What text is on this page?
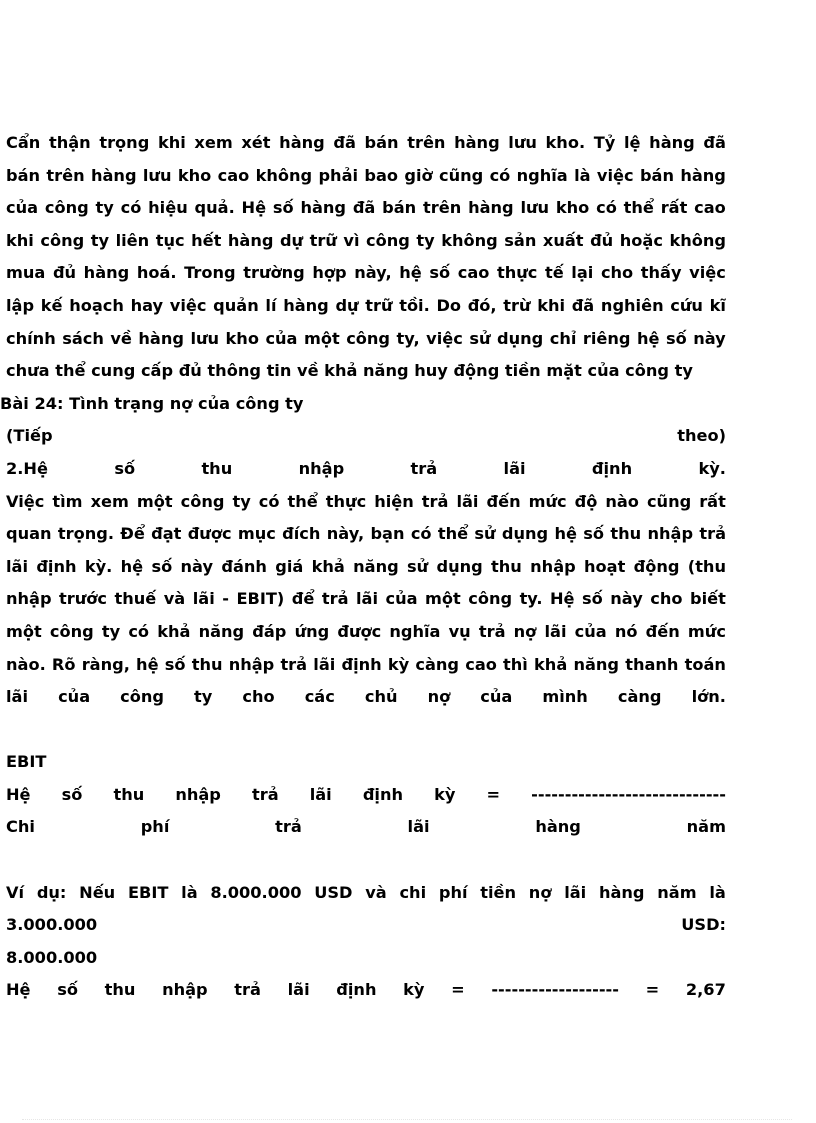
Cẩn thận trọng khi xem xét hàng đã bán trên hàng lưu kho. Tỷ lệ hàng đã
bán trên hàng lưu kho cao không phải bao giờ cũng có nghĩa là việc bán hàng
của công ty có hiệu quả. Hệ số hàng đã bán trên hàng lưu kho có thể rất cao
khi công ty liên tục hết hàng dự trữ vì công ty không sản xuất đủ hoặc không
mua đủ hàng hoá. Trong trường hợp này, hệ số cao thực tế lại cho thấy việc
lập kế hoạch hay việc quản lí hàng dự trữ tồi. Do đó, trừ khi đã nghiên cứu kĩ
chính sách về hàng lưu kho của một công ty, việc sử dụng chỉ riêng hệ số này
chưa thể cung cấp đủ thông tin về khả năng huy động tiền mặt của công ty
Bài 24: Tình trạng nợ của công ty
(Tiếp	theo)
2.Hệ	số	thu	nhập	trả	lãi	định	kỳ.
Việc tìm xem một công ty có thể thực hiện trả lãi đến mức độ nào cũng rất
quan trọng. Để đạt được mục đích này, bạn có thể sử dụng hệ số thu nhập trả
lãi định kỳ. hệ số này đánh giá khả năng sử dụng thu nhập hoạt động (thu
nhập trước thuế và lãi - EBIT) để trả lãi của một công ty. Hệ số này cho biết
một công ty có khả năng đáp ứng được nghĩa vụ trả nợ lãi của nó đến mức
nào. Rõ ràng, hệ số thu nhập trả lãi định kỳ càng cao thì khả năng thanh toán
lãi của công ty cho các chủ nợ của mình càng lớn.
EBIT
Hệ số thu nhập trả lãi định kỳ = -----------------------------
Chi	phí	trả	lãi	hàng	năm
Ví dụ: Nếu EBIT là 8.000.000 USD và chi phí tiền nợ lãi hàng năm là
3.000.000	USD:
8.000.000
Hệ số thu nhập trả lãi định kỳ = ------------------- = 2,67
